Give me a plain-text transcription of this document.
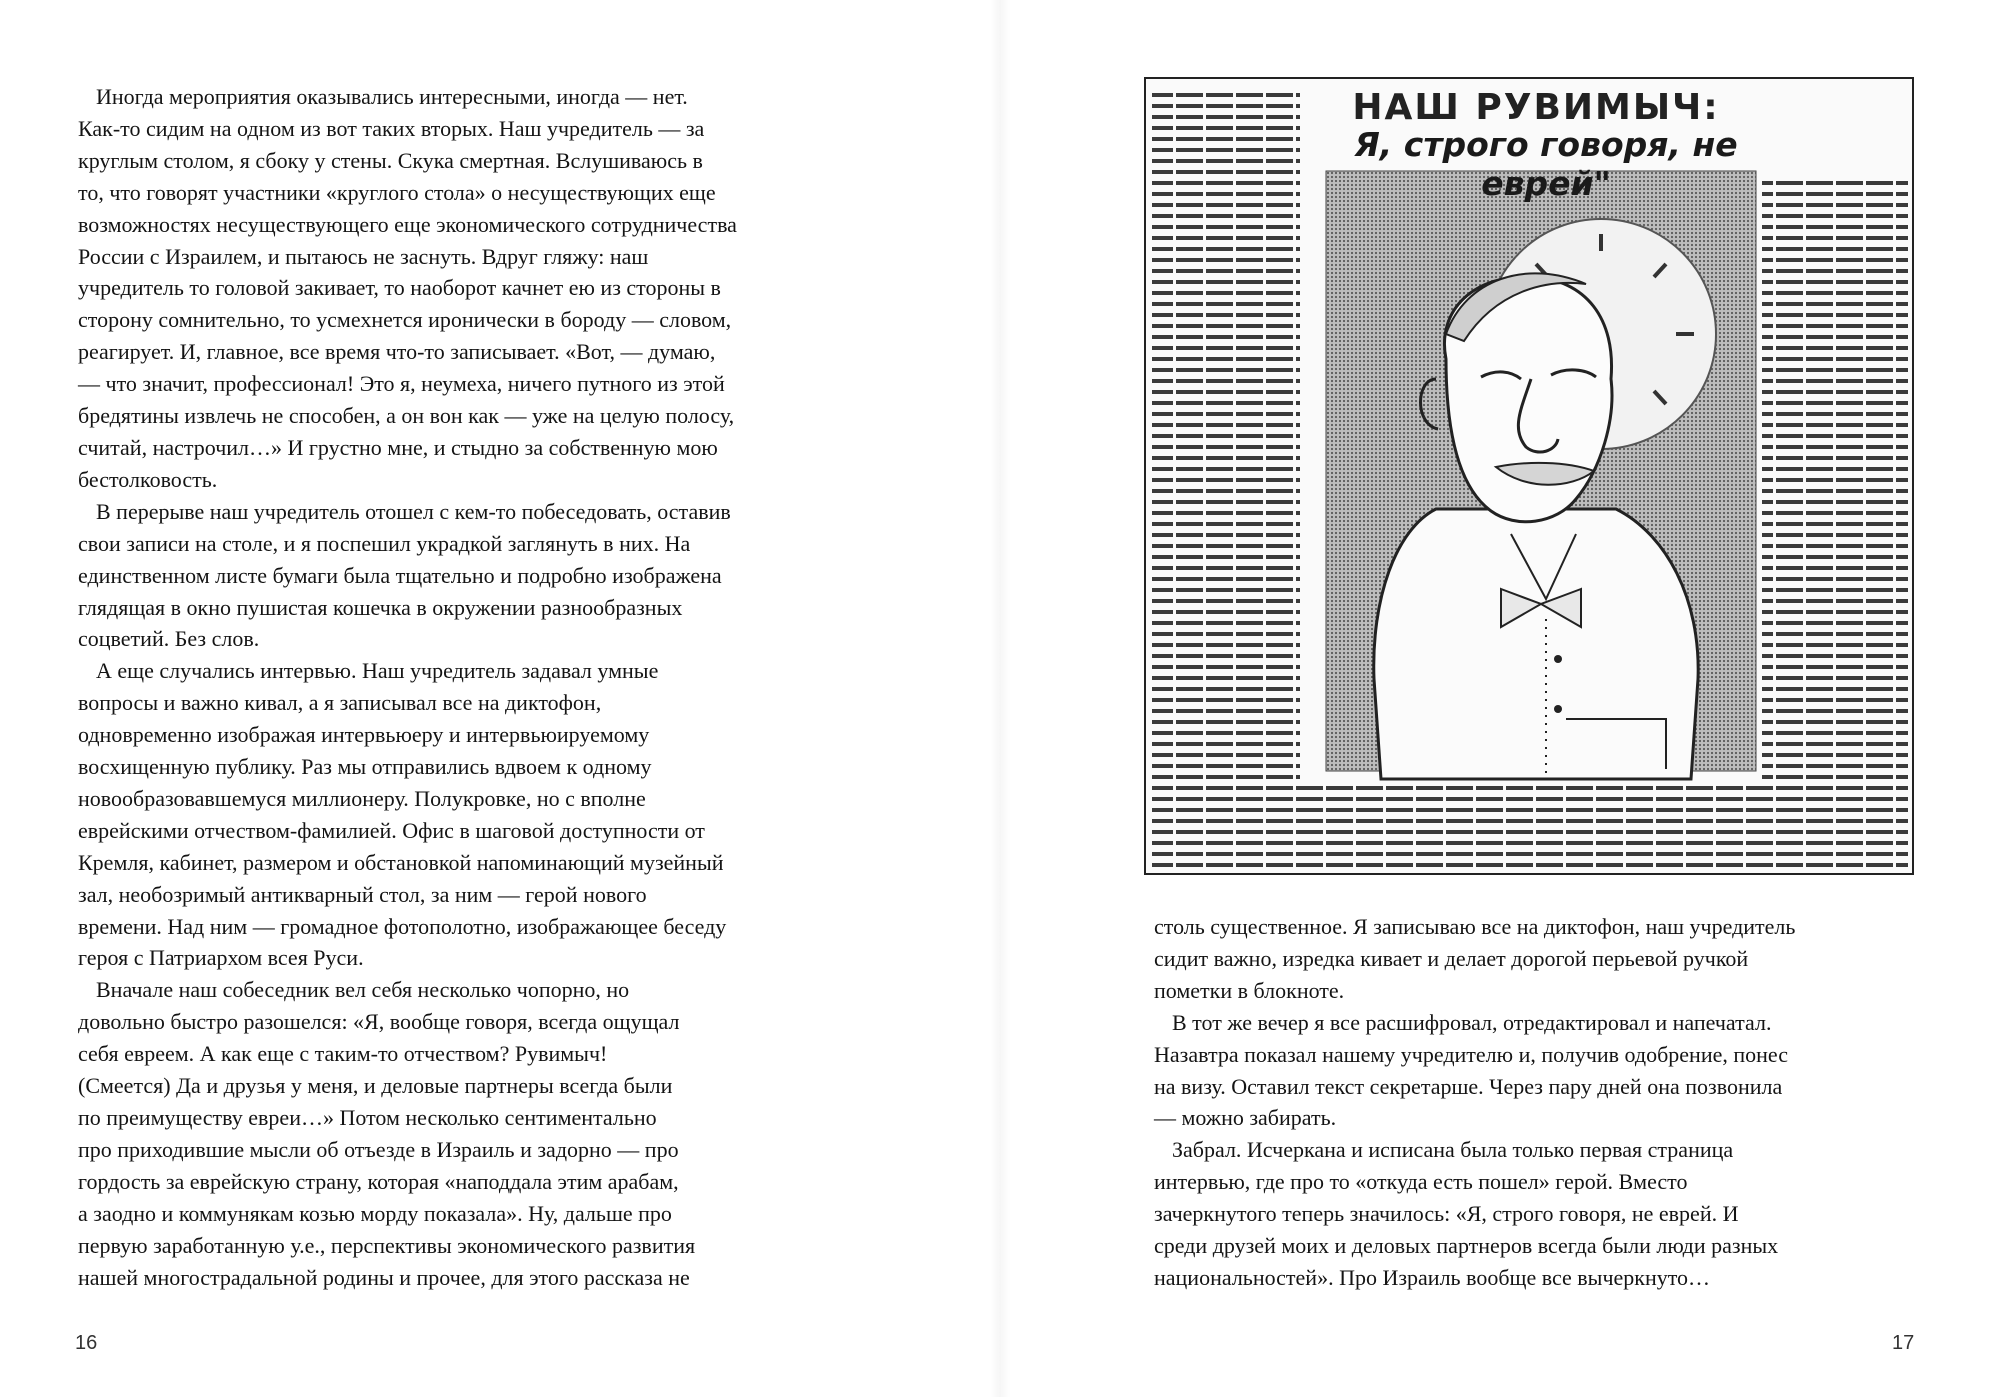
Иногда мероприятия оказывались интересными, иногда — нет.
Как-то сидим на одном из вот таких вторых. Наш учредитель — за
круглым столом, я сбоку у стены. Скука смертная. Вслушиваюсь в
то, что говорят участники «круглого стола» о несуществующих еще
возможностях несуществующего еще экономического сотрудничества
России с Израилем, и пытаюсь не заснуть. Вдруг гляжу: наш
учредитель то головой закивает, то наоборот качнет ею из стороны в
сторону сомнительно, то усмехнется иронически в бороду — словом,
реагирует. И, главное, все время что-то записывает. «Вот, — думаю,
— что значит, профессионал! Это я, неумеха, ничего путного из этой
бредятины извлечь не способен, а он вон как — уже на целую полосу,
считай, настрочил…» И грустно мне, и стыдно за собственную мою
бестолковость.

В перерыве наш учредитель отошел с кем-то побеседовать, оставив
свои записи на столе, и я поспешил украдкой заглянуть в них. На
единственном листе бумаги была тщательно и подробно изображена
глядящая в окно пушистая кошечка в окружении разнообразных
соцветий. Без слов.

А еще случались интервью. Наш учредитель задавал умные
вопросы и важно кивал, а я записывал все на диктофон,
одновременно изображая интервьюеру и интервьюируемому
восхищенную публику. Раз мы отправились вдвоем к одному
новообразовавшемуся миллионеру. Полукровке, но с вполне
еврейскими отчеством-фамилией. Офис в шаговой доступности от
Кремля, кабинет, размером и обстановкой напоминающий музейный
зал, необозримый антикварный стол, за ним — герой нового
времени. Над ним — громадное фотополотно, изображающее беседу
героя с Патриархом всея Руси.

Вначале наш собеседник вел себя несколько чопорно, но
довольно быстро разошелся: «Я, вообще говоря, всегда ощущал
себя евреем. А как еще с таким-то отчеством? Рувимыч!
(Смеется) Да и друзья у меня, и деловые партнеры всегда были
по преимуществу евреи…» Потом несколько сентиментально
про приходившие мысли об отъезде в Израиль и задорно — про
гордость за еврейскую страну, которая «наподдала этим арабам,
а заодно и коммунякам козью морду показала». Ну, дальше про
первую заработанную у.е., перспективы экономического развития
нашей многострадальной родины и прочее, для этого рассказа не

16
НАШ РУВИМЫЧ:
Я, строго говоря, не еврей"

столь существенное. Я записываю все на диктофон, наш учредитель
сидит важно, изредка кивает и делает дорогой перьевой ручкой
пометки в блокноте.

В тот же вечер я все расшифровал, отредактировал и напечатал.
Назавтра показал нашему учредителю и, получив одобрение, понес
на визу. Оставил текст секретарше. Через пару дней она позвонила
— можно забирать.

Забрал. Исчеркана и исписана была только первая страница
интервью, где про то «откуда есть пошел» герой. Вместо
зачеркнутого теперь значилось: «Я, строго говоря, не еврей. И
среди друзей моих и деловых партнеров всегда были люди разных
национальностей». Про Израиль вообще все вычеркнуто…

17
